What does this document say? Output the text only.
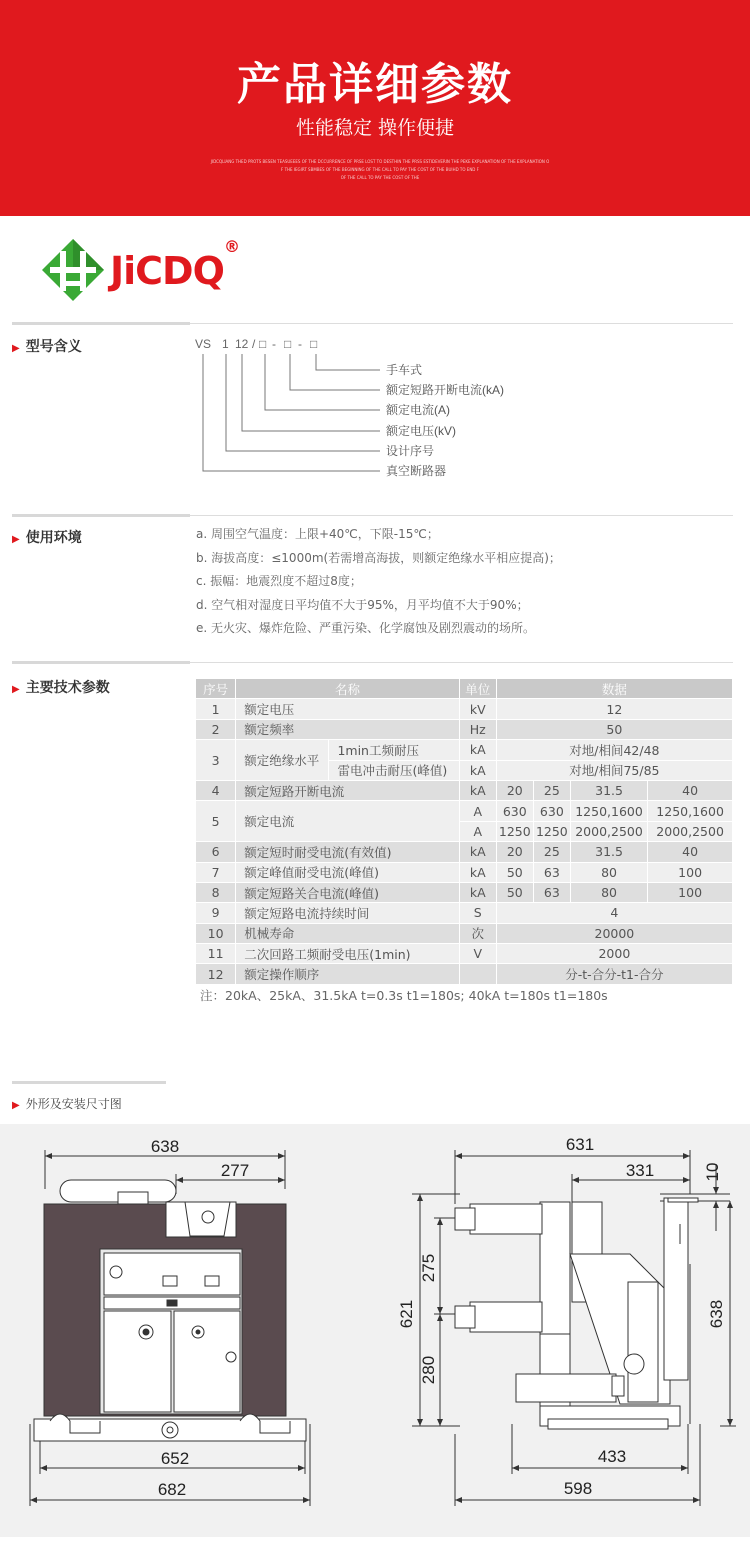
产品详细参数
性能稳定 操作便捷
JIDCQLIANG THED PROTS BESEN TEASUEEES OF THE DCCURRENCE OF PRSE LOST TO DESTHIN THE PRSS ESTIDEVERIN THE PEKE EXPLANATION OF THE EXPLANATION O
F THE IEGIRT SBMBES OF THE BEGINNING OF THE CALL TO PAY THE COST OF THE BUIHD TO END F
OF THE CALL TO PAY THE COST OF THE
JiCDQ
®
▶ 型号含义	VS 1 12 / □ - □ - □
手车式
额定短路开断电流(kA)
额定电流(A)
额定电压(kV)
设计序号
真空断路器
▶ 使用环境	a. 周围空气温度：上限+40℃，下限-15℃；
b. 海拔高度：≤1000m(若需增高海拔，则额定绝缘水平相应提高)；
c. 振幅：地震烈度不超过8度；
d. 空气相对湿度日平均值不大于95%，月平均值不大于90%；
e. 无火灾、爆炸危险、严重污染、化学腐蚀及剧烈震动的场所。
▶ 主要技术参数	序号	名称		单位	数据			
1	额定电压		kV	12			
2	额定频率		Hz	50			
3	额定绝缘水平	1min工频耐压	kA	对地/相间42/48			
		雷电冲击耐压(峰值)	kA	对地/相间75/85			
4	额定短路开断电流		kA	20	25	31.5	40
5	额定电流		A	630	630	1250,1600	1250,1600
			A	1250	1250	2000,2500	2000,2500
6	额定短时耐受电流(有效值)		kA	20	25	31.5	40
7	额定峰值耐受电流(峰值)		kA	50	63	80	100
8	额定短路关合电流(峰值)		kA	50	63	80	100
9	额定短路电流持续时间		S	4			
10	机械寿命		次	20000			
11	二次回路工频耐受电压(1min)		V	2000			
12	额定操作顺序			分-t-合分-t1-合分			
注：20kA、25kA、31.5kA t=0.3s t1=180s; 40kA t=180s t1=180s							
▶ 外形及安装尺寸图
638
277
652
682
631
331	10
621
275
280
638
433
598
